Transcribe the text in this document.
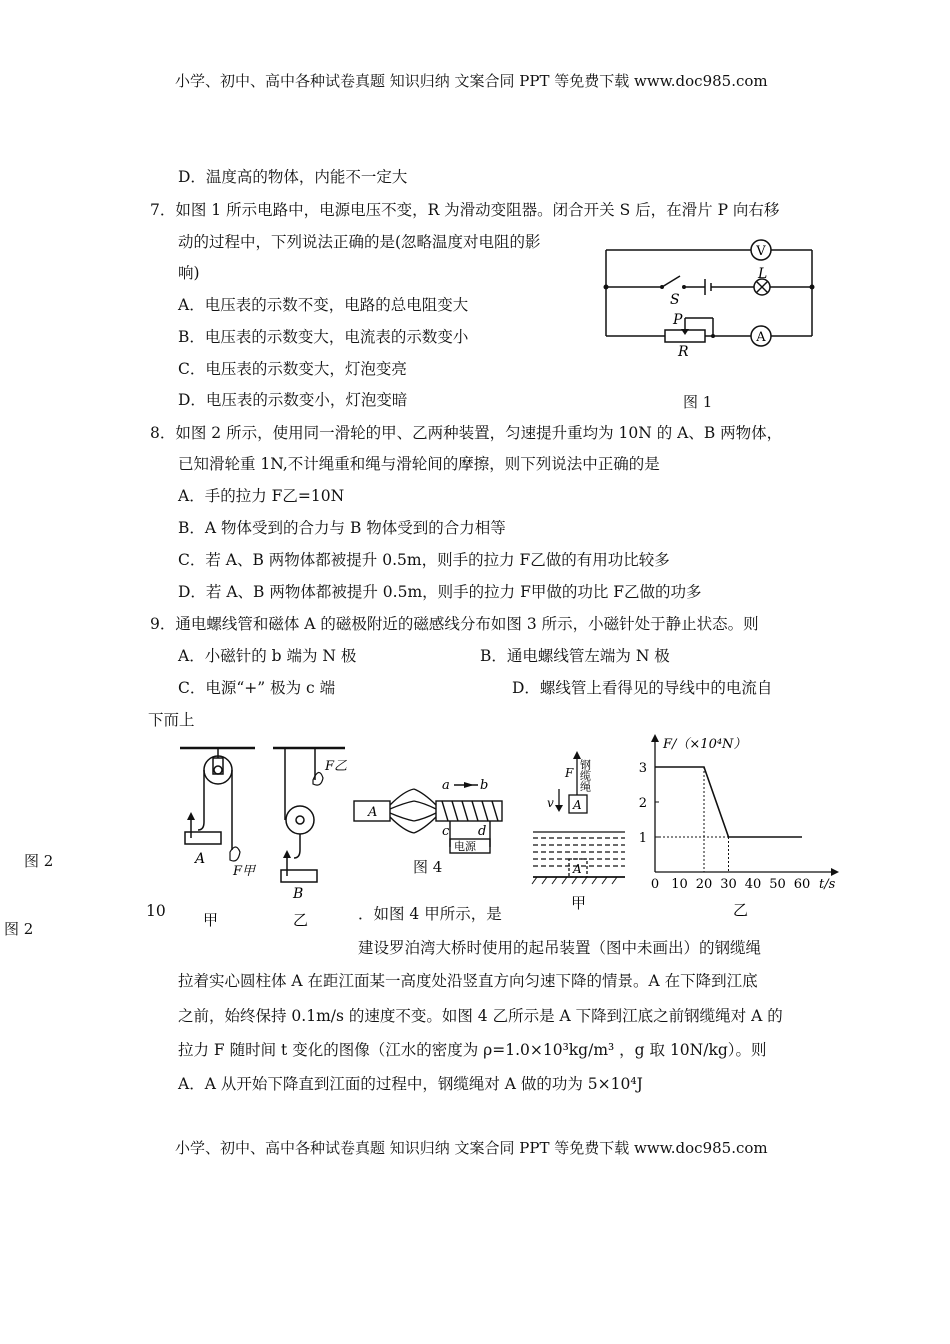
小学、初中、高中各种试卷真题 知识归纳 文案合同 PPT 等免费下载 www.doc985.com
小学、初中、高中各种试卷真题 知识归纳 文案合同 PPT 等免费下载 www.doc985.com
D．温度高的物体，内能不一定大
7．如图 1 所示电路中，电源电压不变，R 为滑动变阻器。闭合开关 S 后，在滑片 P 向右移
动的过程中，下列说法正确的是(忽略温度对电阻的影
响)
A．电压表的示数不变，电路的总电阻变大
B．电压表的示数变大，电流表的示数变小
C．电压表的示数变大，灯泡变亮
D．电压表的示数变小，灯泡变暗
V
A
L
S
P
R
图 1
8．如图 2 所示，使用同一滑轮的甲、乙两种装置，匀速提升重均为 10N 的 A、B 两物体，
已知滑轮重 1N,不计绳重和绳与滑轮间的摩擦，则下列说法中正确的是
A．手的拉力 F乙=10N
B．A 物体受到的合力与 B 物体受到的合力相等
C．若 A、B 两物体都被提升 0.5m，则手的拉力 F乙做的有用功比较多
D．若 A、B 两物体都被提升 0.5m，则手的拉力 F甲做的功比 F乙做的功多
9．通电螺线管和磁体 A 的磁极附近的磁感线分布如图 3 所示，小磁针处于静止状态。则
A．小磁针的 b 端为 N 极	B．通电螺线管左端为 N 极
C．电源“+” 极为 c 端	D．螺线管上看得见的导线中的电流自
下而上
图 2
图 2
A
B
F甲
F乙
甲	乙
A
a b
c d
电源
图 4
钢缆绳
F
v A
A
甲
F/（×10⁴N）
t/s
0 10 20 30 40 50 60
1
2
3
乙
10	．如图 4 甲所示，是
建设罗泊湾大桥时使用的起吊装置（图中未画出）的钢缆绳
拉着实心圆柱体 A 在距江面某一高度处沿竖直方向匀速下降的情景。A 在下降到江底
之前，始终保持 0.1m/s 的速度不变。如图 4 乙所示是 A 下降到江底之前钢缆绳对 A 的
拉力 F 随时间 t 变化的图像（江水的密度为 ρ=1.0×10³kg/m³ ，g 取 10N/kg）。则
A．A 从开始下降直到江面的过程中，钢缆绳对 A 做的功为 5×10⁴J
